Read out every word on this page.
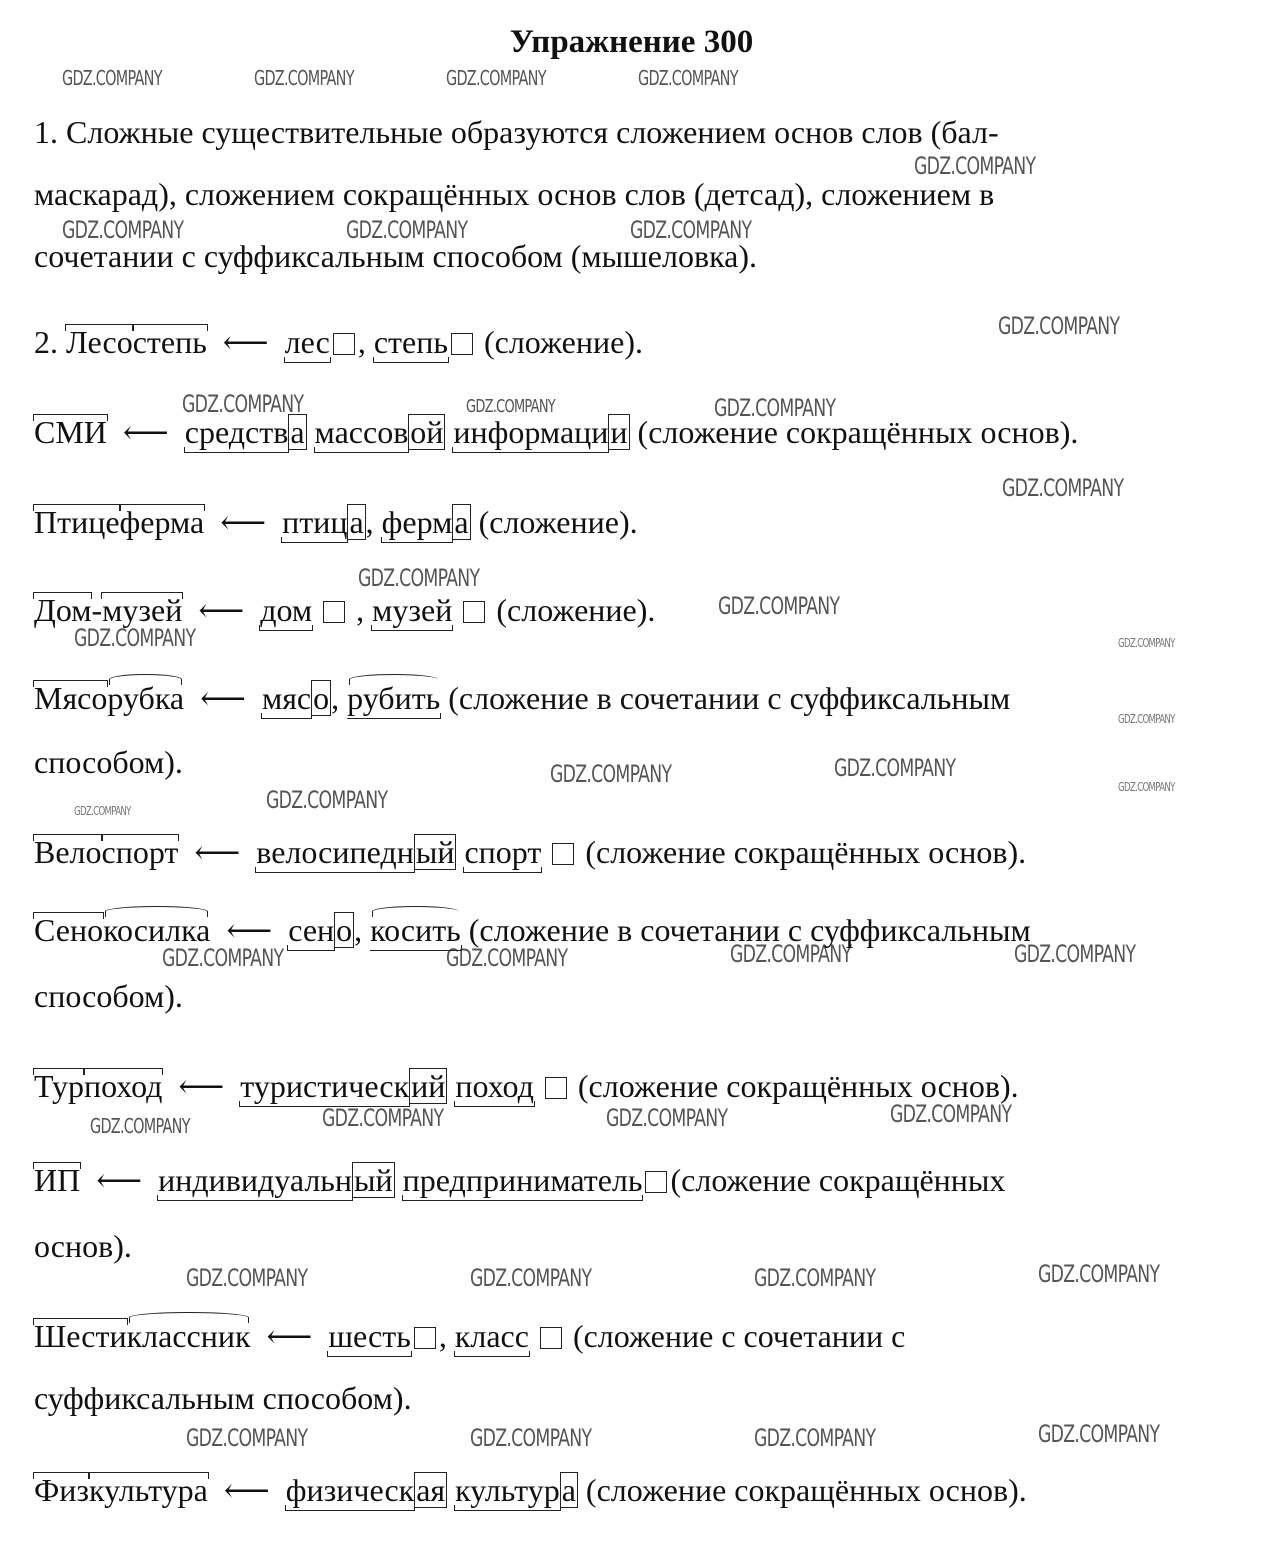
Упражнение 300
GDZ.COMPANY	GDZ.COMPANY	GDZ.COMPANY	GDZ.COMPANY
GDZ.COMPANY
GDZ.COMPANY	GDZ.COMPANY	GDZ.COMPANY
GDZ.COMPANY
GDZ.COMPANY	GDZ.COMPANY	GDZ.COMPANY
GDZ.COMPANY
GDZ.COMPANY
GDZ.COMPANY
GDZ.COMPANY	GDZ.COMPANY
GDZ.COMPANY
GDZ.COMPANY	GDZ.COMPANY
GDZ.COMPANY
GDZ.COMPANY
GDZ.COMPANY
GDZ.COMPANY	GDZ.COMPANY	GDZ.COMPANY	GDZ.COMPANY
GDZ.COMPANY	GDZ.COMPANY	GDZ.COMPANY	GDZ.COMPANY
GDZ.COMPANY	GDZ.COMPANY	GDZ.COMPANY	GDZ.COMPANY
GDZ.COMPANY	GDZ.COMPANY	GDZ.COMPANY	GDZ.COMPANY
1. Сложные существительные образуются сложением основ слов (бал-
маскарад), сложением сокращённых основ слов (детсад), сложением в
сочетании с суффиксальным способом (мышеловка).
2. Лесостепь ⟵ лес , степь (сложение).
СМИ ⟵ средства массовой информации (сложение сокращённых основ).
Птицеферма ⟵ птица, ферма (сложение).
Дом-музей ⟵ дом , музей (сложение).
Мясорубка ⟵ мясо, рубить (сложение в сочетании с суффиксальным
способом).
Велоспорт ⟵ велосипедный спорт (сложение сокращённых основ).
Сенокосилка ⟵ сено, косить (сложение в сочетании с суффиксальным
способом).
Турпоход ⟵ туристический поход (сложение сокращённых основ).
ИП ⟵ индивидуальный предприниматель (сложение сокращённых
основ).
Шестиклассник ⟵ шесть , класс (сложение с сочетании с
суффиксальным способом).
Физкультура ⟵ физическая культура (сложение сокращённых основ).
